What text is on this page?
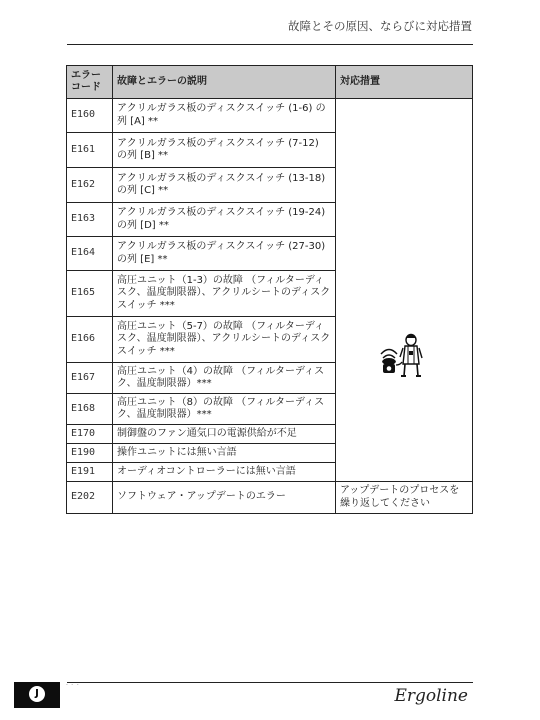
故障とその原因、ならびに対応措置
エラーコード	故障とエラーの説明	対応措置
E160	アクリルガラス板のディスクスイッチ (1-6) の列 [A] **	

E161	アクリルガラス板のディスクスイッチ (7-12) の列 [B] **	
E162	アクリルガラス板のディスクスイッチ (13-18) の列 [C] **	
E163	アクリルガラス板のディスクスイッチ (19-24) の列 [D] **	
E164	アクリルガラス板のディスクスイッチ (27-30) の列 [E] **	
E165	高圧ユニット（1-3）の故障 （フィルターディスク、温度制限器）、アクリルシートのディスクスイッチ ***	
E166	高圧ユニット（5-7）の故障 （フィルターディスク、温度制限器）、アクリルシートのディスクスイッチ ***	
E167	高圧ユニット（4）の故障 （フィルターディスク、温度制限器）***	
E168	高圧ユニット（8）の故障 （フィルターディスク、温度制限器）***	
E170	制御盤のファン通気口の電源供給が不足	
E190	操作ユニットには無い言語	
E191	オーディオコントローラーには無い言語	
E202	ソフトウェア・アップデートのエラー	アップデートのプロセスを繰り返してください
J
- - -
Ergoline
